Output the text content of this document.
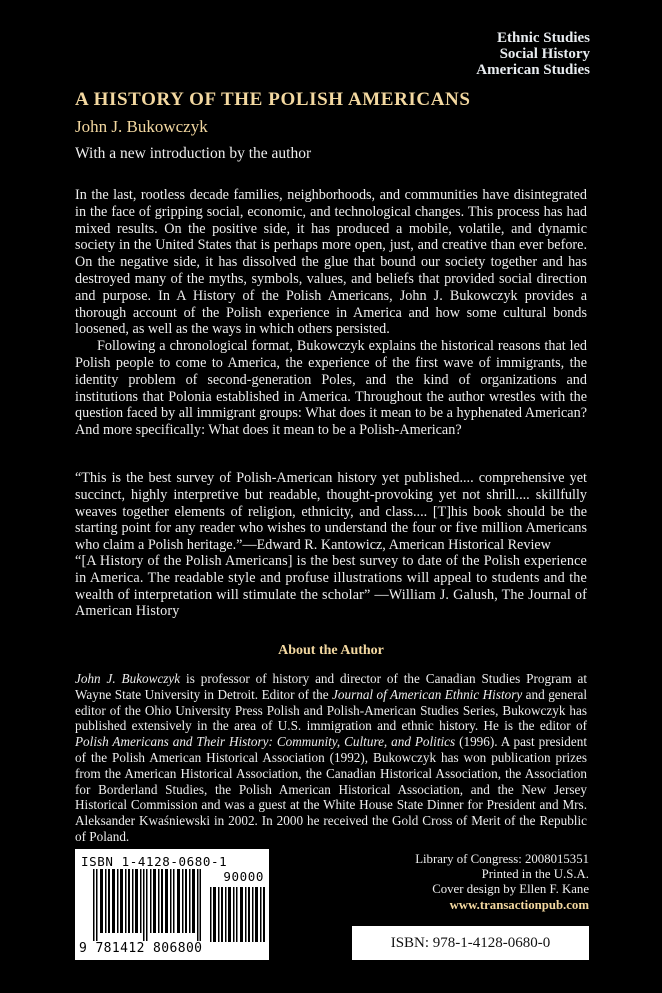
Ethnic Studies
Social History
American Studies
A HISTORY OF THE POLISH AMERICANS
John J. Bukowczyk
With a new introduction by the author

In the last, rootless decade families, neighborhoods, and communities have disintegrated in the face of gripping social, economic, and technological changes. This process has had mixed results. On the positive side, it has produced a mobile, volatile, and dynamic society in the United States that is perhaps more open, just, and creative than ever before. On the negative side, it has dissolved the glue that bound our society together and has destroyed many of the myths, symbols, values, and beliefs that provided social direction and purpose. In A History of the Polish Americans, John J. Bukowczyk provides a thorough account of the Polish experience in America and how some cultural bonds loosened, as well as the ways in which others persisted.

Following a chronological format, Bukowczyk explains the historical reasons that led Polish people to come to America, the experience of the first wave of immigrants, the identity problem of second-generation Poles, and the kind of organizations and institutions that Polonia established in America. Throughout the author wrestles with the question faced by all immigrant groups: What does it mean to be a hyphenated American? And more specifically: What does it mean to be a Polish-American?

“This is the best survey of Polish-American history yet published.... comprehensive yet succinct, highly interpretive but readable, thought-provoking yet not shrill.... skillfully weaves together elements of religion, ethnicity, and class.... [T]his book should be the starting point for any reader who wishes to understand the four or five million Americans who claim a Polish heritage.”—Edward R. Kantowicz, American Historical Review

“[A History of the Polish Americans] is the best survey to date of the Polish experience in America. The readable style and profuse illustrations will appeal to students and the wealth of interpretation will stimulate the scholar” —William J. Galush, The Journal of American History

About the Author
John J. Bukowczyk is professor of history and director of the Canadian Studies Program at Wayne State University in Detroit. Editor of the Journal of American Ethnic History and general editor of the Ohio University Press Polish and Polish-American Studies Series, Bukowczyk has published extensively in the area of U.S. immigration and ethnic history. He is the editor of Polish Americans and Their History: Community, Culture, and Politics (1996). A past president of the Polish American Historical Association (1992), Bukowczyk has won publication prizes from the American Historical Association, the Canadian Historical Association, the Association for Borderland Studies, the Polish American Historical Association, and the New Jersey Historical Commission and was a guest at the White House State Dinner for President and Mrs. Aleksander Kwaśniewski in 2002. In 2000 he received the Gold Cross of Merit of the Republic of Poland.
ISBN 1-4128-0680-1
90000
9 781412 806800
Library of Congress: 2008015351
Printed in the U.S.A.
Cover design by Ellen F. Kane
www.transactionpub.com
ISBN: 978-1-4128-0680-0
